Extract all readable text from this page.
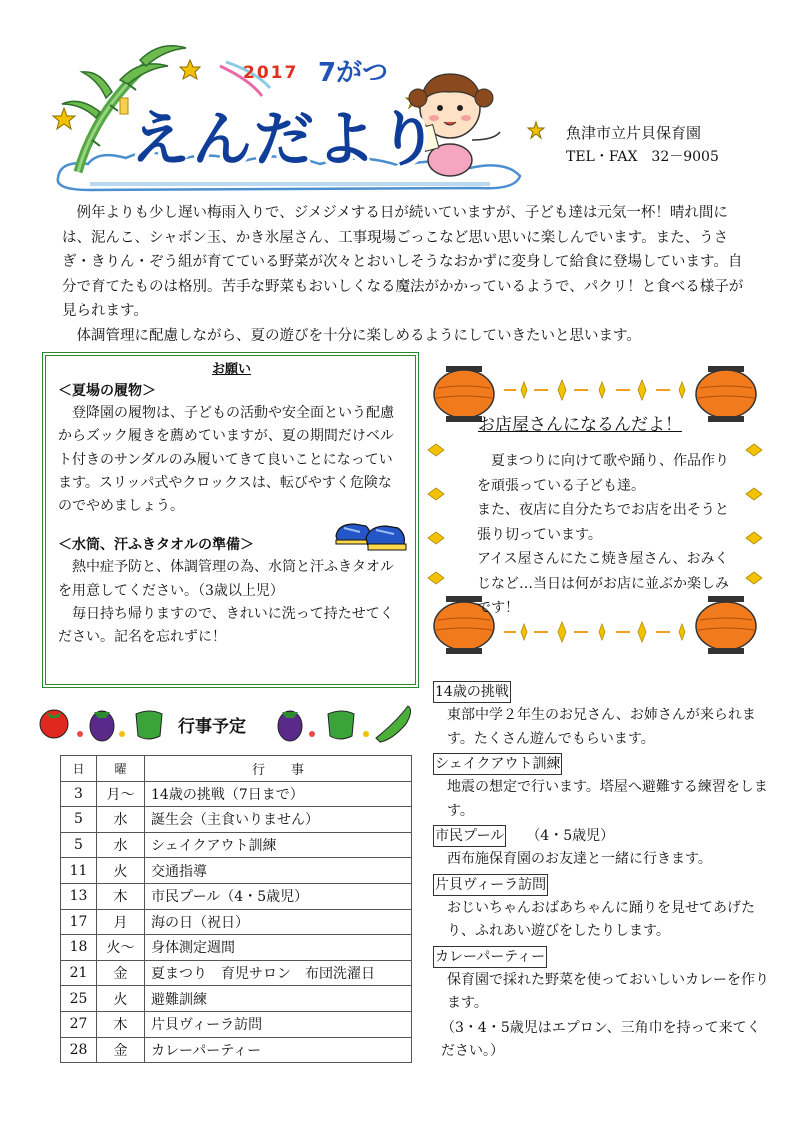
2017 7がつ
えんだより	魚津市立片貝保育園
TEL・FAX　32－9005

例年よりも少し遅い梅雨入りで、ジメジメする日が続いていますが、子ども達は元気一杯！晴れ間には、泥んこ、シャボン玉、かき氷屋さん、工事現場ごっこなど思い思いに楽しんでいます。また、うさぎ・きりん・ぞう組が育てている野菜が次々とおいしそうなおかずに変身して給食に登場しています。自分で育てたものは格別。苦手な野菜もおいしくなる魔法がかかっているようで、パクリ！と食べる様子が見られます。

体調管理に配慮しながら、夏の遊びを十分に楽しめるようにしていきたいと思います。

お願い
＜夏場の履物＞
登降園の履物は、子どもの活動や安全面という配慮からズック履きを薦めていますが、夏の期間だけベルト付きのサンダルのみ履いてきて良いことになっています。スリッパ式やクロックスは、転びやすく危険なのでやめましょう。
＜水筒、汗ふきタオルの準備＞
熱中症予防と、体調管理の為、水筒と汗ふきタオルを用意してください。（3歳以上児）
毎日持ち帰りますので、きれいに洗って持たせてください。記名を忘れずに！
行事予定
日	曜	行　　事
3	月～	14歳の挑戦（7日まで）
5	水	誕生会（主食いりません）
5	水	シェイクアウト訓練
11	火	交通指導
13	木	市民プール（4・5歳児）
17	月	海の日（祝日）
18	火～	身体測定週間
21	金	夏まつり　育児サロン　布団洗濯日
25	火	避難訓練
27	木	片貝ヴィーラ訪問
28	金	カレーパーティー
お店屋さんになるんだよ！

夏まつりに向けて歌や踊り、作品作りを頑張っている子ども達。

また、夜店に自分たちでお店を出そうと張り切っています。

アイス屋さんにたこ焼き屋さん、おみくじなど…当日は何がお店に並ぶか楽しみです！

14歳の挑戦
東部中学２年生のお兄さん、お姉さんが来られます。たくさん遊んでもらいます。
シェイクアウト訓練
地震の想定で行います。塔屋へ避難する練習をします。
市民プール （4・5歳児）
西布施保育園のお友達と一緒に行きます。
片貝ヴィーラ訪問
おじいちゃんおばあちゃんに踊りを見せてあげたり、ふれあい遊びをしたりします。
カレーパーティー
保育園で採れた野菜を使っておいしいカレーを作ります。
（3・4・5歳児はエプロン、三角巾を持って来てください。）
